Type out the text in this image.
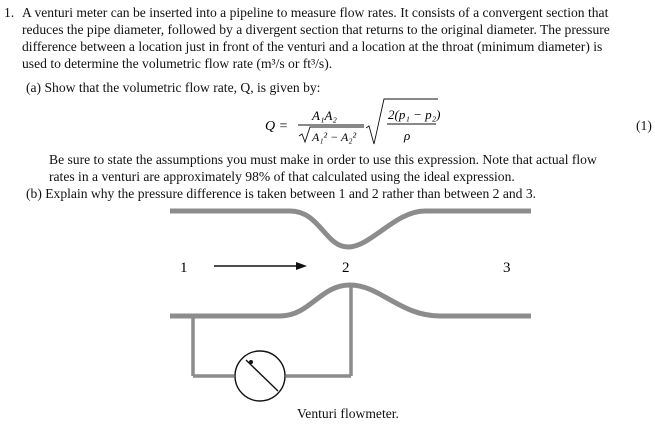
1. A venturi meter can be inserted into a pipeline to measure flow rates. It consists of a convergent section that
reduces the pipe diameter, followed by a divergent section that returns to the original diameter. The pressure
difference between a location just in front of the venturi and a location at the throat (minimum diameter) is
used to determine the volumetric flow rate (m³/s or ft³/s).
(a) Show that the volumetric flow rate, Q, is given by:
Q =
A₁A₂
A₁² − A₂²
2(p₁ − p₂)
ρ
(1)
Be sure to state the assumptions you must make in order to use this expression. Note that actual flow
rates in a venturi are approximately 98% of that calculated using the ideal expression.
(b) Explain why the pressure difference is taken between 1 and 2 rather than between 2 and 3.
1	2	3
Venturi flowmeter.
